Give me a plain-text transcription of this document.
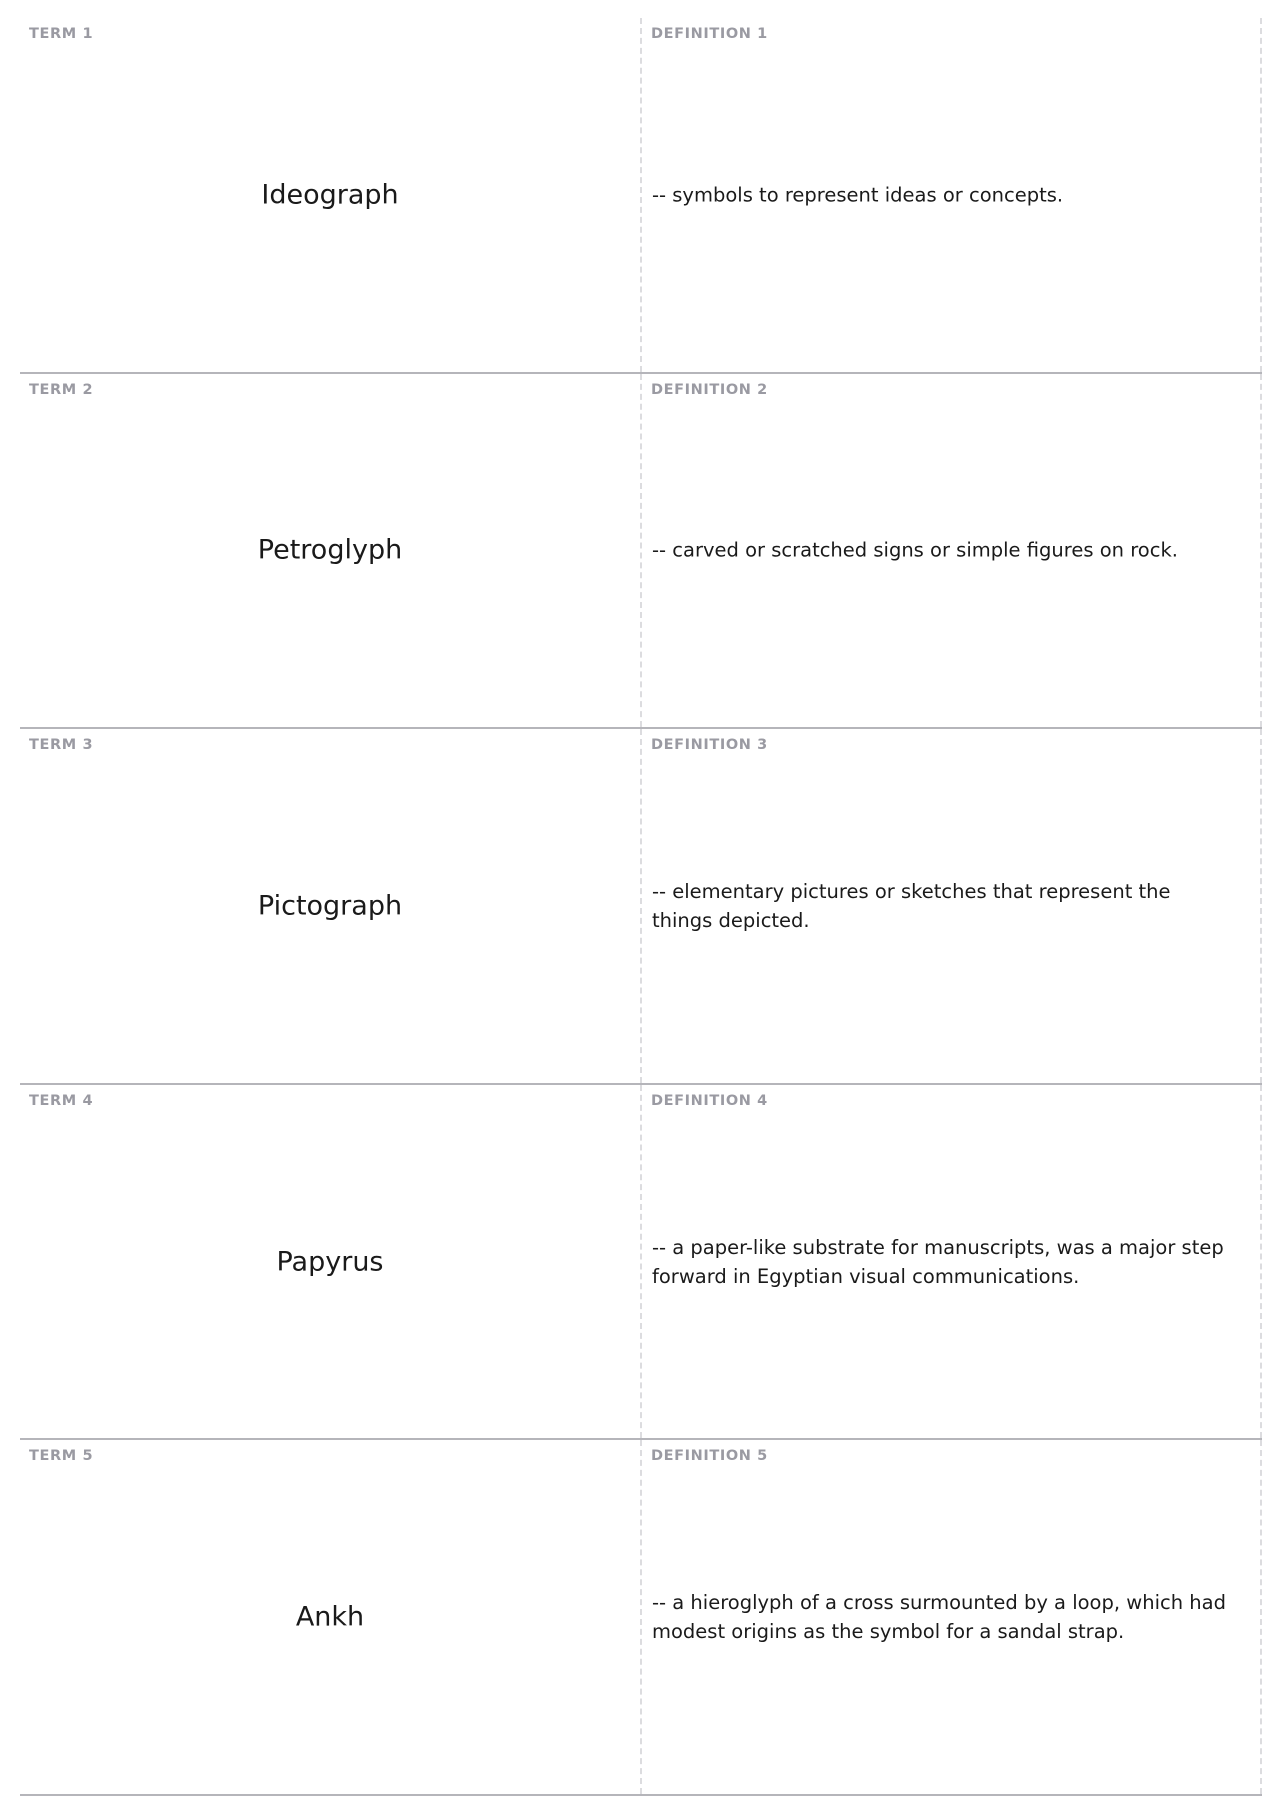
TERM 1
Ideograph
DEFINITION 1
-- symbols to represent ideas or concepts.
TERM 2
Petroglyph
DEFINITION 2
-- carved or scratched signs or simple figures on rock.
TERM 3
Pictograph
DEFINITION 3
-- elementary pictures or sketches that represent the things depicted.
TERM 4
Papyrus
DEFINITION 4
-- a paper-like substrate for manuscripts, was a major step forward in Egyptian visual communications.
TERM 5
Ankh
DEFINITION 5
-- a hieroglyph of a cross surmounted by a loop, which had modest origins as the symbol for a sandal strap.
